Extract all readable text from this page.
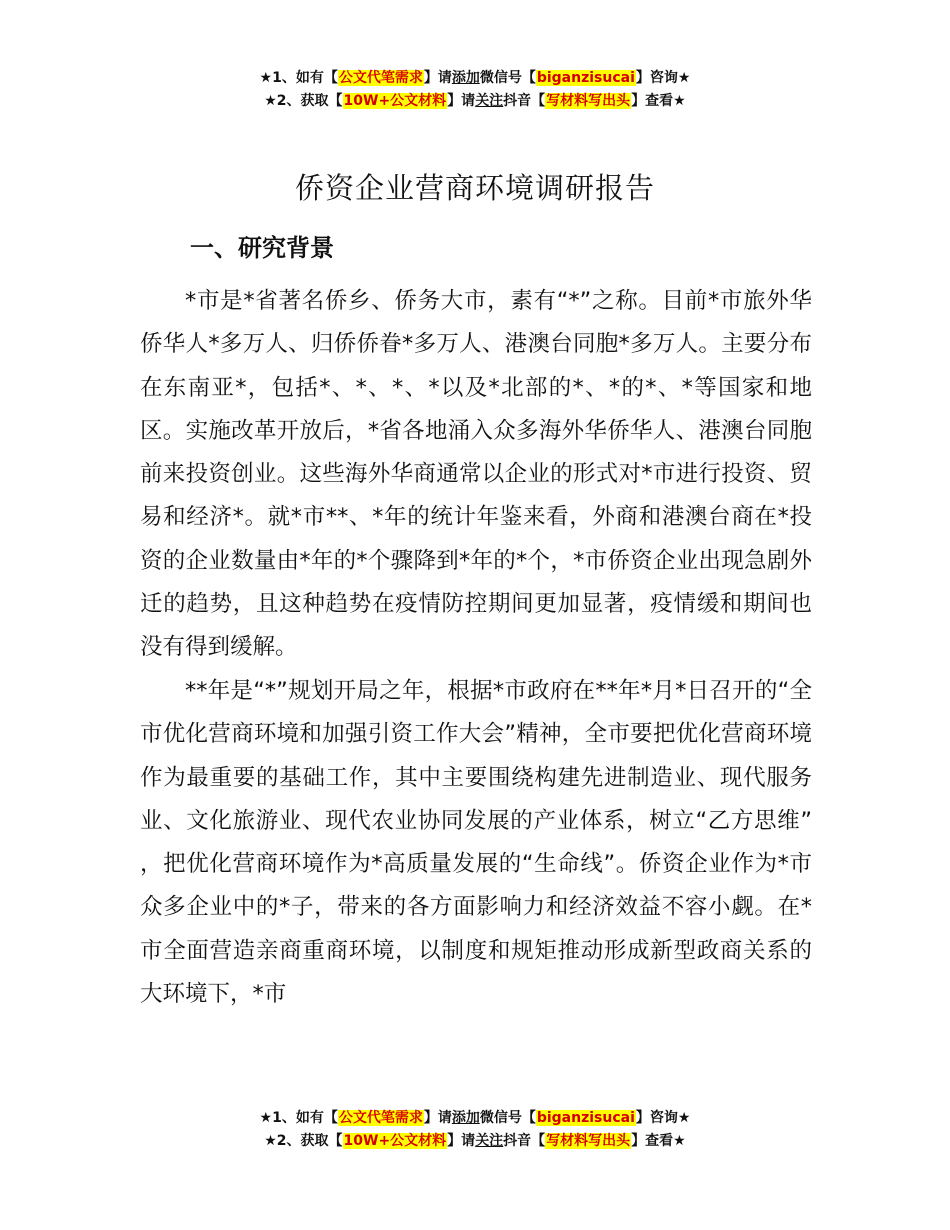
★1、如有【公文代笔需求】请添加微信号【biganzisucai】咨询★
★2、获取【10W+公文材料】请关注抖音【写材料写出头】查看★
侨资企业营商环境调研报告
一、研究背景

*市是*省著名侨乡、侨务大市，素有“*”之称。目前*市旅外华侨华人*多万人、归侨侨眷*多万人、港澳台同胞*多万人。主要分布在东南亚*，包括*、*、*、*以及*北部的*、*的*、*等国家和地区。实施改革开放后，*省各地涌入众多海外华侨华人、港澳台同胞前来投资创业。这些海外华商通常以企业的形式对*市进行投资、贸易和经济*。就*市**、*年的统计年鉴来看，外商和港澳台商在*投资的企业数量由*年的*个骤降到*年的*个，*市侨资企业出现急剧外迁的趋势，且这种趋势在疫情防控期间更加显著，疫情缓和期间也没有得到缓解。

**年是“*”规划开局之年，根据*市政府在**年*月*日召开的“全市优化营商环境和加强引资工作大会”精神，全市要把优化营商环境作为最重要的基础工作，其中主要围绕构建先进制造业、现代服务业、文化旅游业、现代农业协同发展的产业体系，树立“乙方思维” ，把优化营商环境作为*高质量发展的“生命线”。侨资企业作为*市众多企业中的*子，带来的各方面影响力和经济效益不容小觑。在*市全面营造亲商重商环境，以制度和规矩推动形成新型政商关系的大环境下，*市

★1、如有【公文代笔需求】请添加微信号【biganzisucai】咨询★
★2、获取【10W+公文材料】请关注抖音【写材料写出头】查看★
